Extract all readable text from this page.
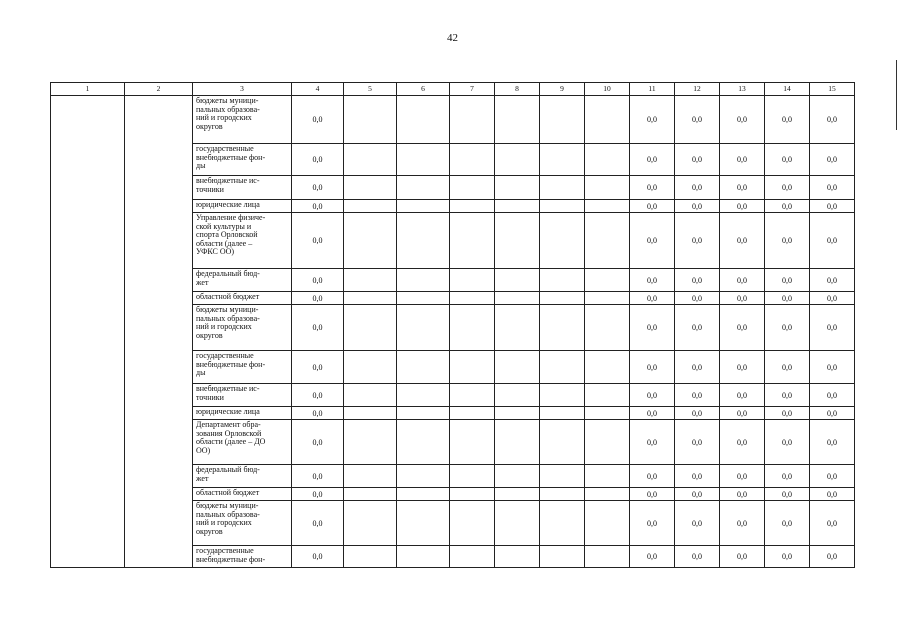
42
1	2	3	4	5	6	7	8	9	10	11	12	13	14	15
		бюджеты муници-
пальных образова-
ний и городских
округов	0,0							0,0	0,0	0,0	0,0	0,0
		государственные
внебюджетные фон-
ды	0,0							0,0	0,0	0,0	0,0	0,0
		внебюджетные ис-
точники	0,0							0,0	0,0	0,0	0,0	0,0
		юридические лица	0,0							0,0	0,0	0,0	0,0	0,0
		Управление физиче-
ской культуры и
спорта Орловской
области (далее –
УФКС ОО)	0,0							0,0	0,0	0,0	0,0	0,0
		федеральный бюд-
жет	0,0							0,0	0,0	0,0	0,0	0,0
		областной бюджет	0,0							0,0	0,0	0,0	0,0	0,0
		бюджеты муници-
пальных образова-
ний и городских
округов	0,0							0,0	0,0	0,0	0,0	0,0
		государственные
внебюджетные фон-
ды	0,0							0,0	0,0	0,0	0,0	0,0
		внебюджетные ис-
точники	0,0							0,0	0,0	0,0	0,0	0,0
		юридические лица	0,0							0,0	0,0	0,0	0,0	0,0
		Департамент обра-
зования Орловской
области (далее – ДО
ОО)	0,0							0,0	0,0	0,0	0,0	0,0
		федеральный бюд-
жет	0,0							0,0	0,0	0,0	0,0	0,0
		областной бюджет	0,0							0,0	0,0	0,0	0,0	0,0
		бюджеты муници-
пальных образова-
ний и городских
округов	0,0							0,0	0,0	0,0	0,0	0,0
		государственные
внебюджетные фон-	0,0							0,0	0,0	0,0	0,0	0,0
